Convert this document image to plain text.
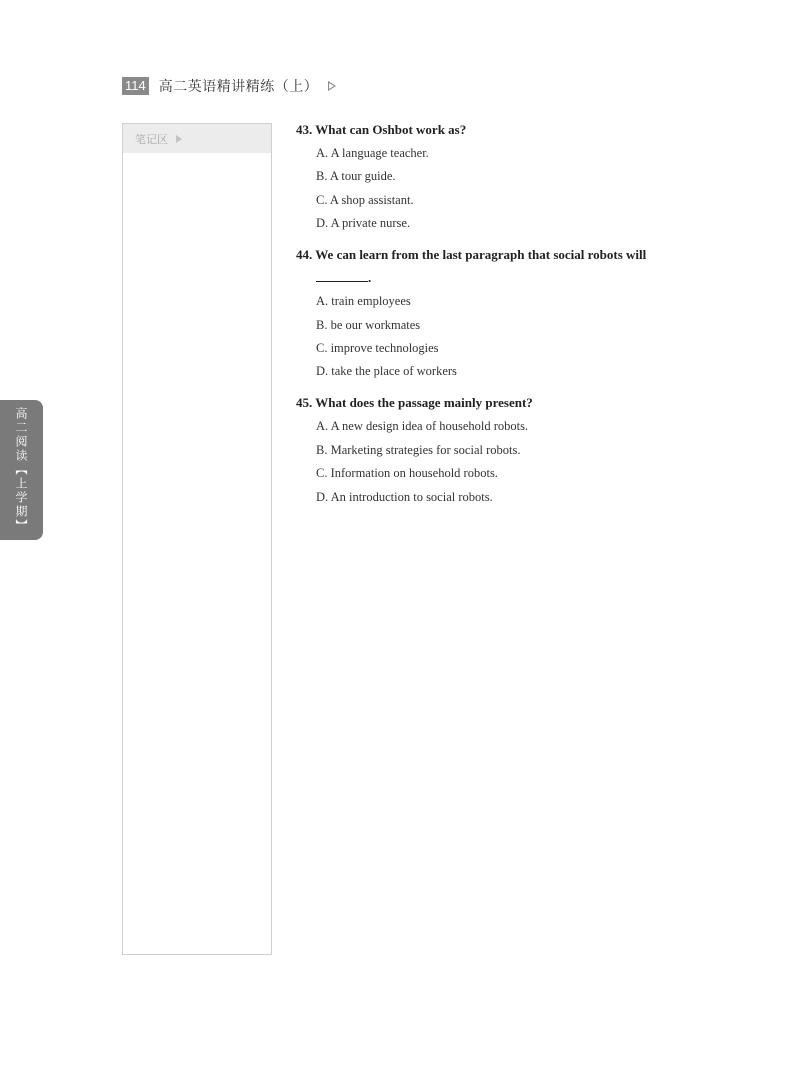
114 高二英语精讲精练（上）
笔记区
高二阅读【上学期】

43. What can Oshbot work as?

A. A language teacher.
B. A tour guide.
C. A shop assistant.
D. A private nurse.

44. We can learn from the last paragraph that social robots will

.
A. train employees
B. be our workmates
C. improve technologies
D. take the place of workers

45. What does the passage mainly present?

A. A new design idea of household robots.
B. Marketing strategies for social robots.
C. Information on household robots.
D. An introduction to social robots.
